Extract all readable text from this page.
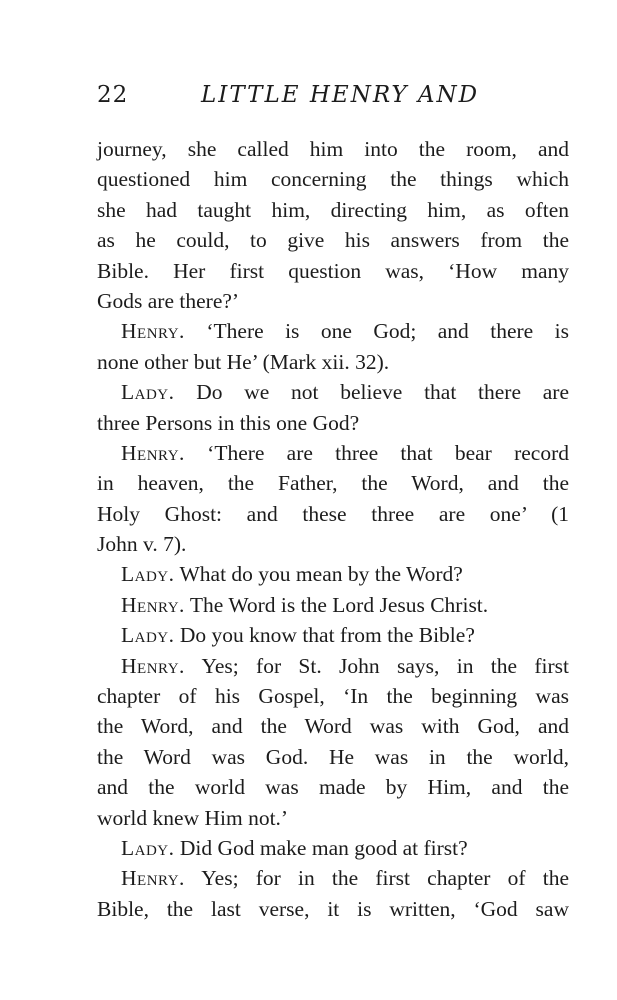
22	LITTLE HENRY AND
journey, she called him into the room, and
questioned him concerning the things which
she had taught him, directing him, as often
as he could, to give his answers from the
Bible. Her first question was, ‘How many
Gods are there?’
Henry. ‘There is one God; and there is
none other but He’ (Mark xii. 32).
Lady. Do we not believe that there are
three Persons in this one God?
Henry. ‘There are three that bear record
in heaven, the Father, the Word, and the
Holy Ghost: and these three are one’ (1
John v. 7).
Lady. What do you mean by the Word?
Henry. The Word is the Lord Jesus Christ.
Lady. Do you know that from the Bible?
Henry. Yes; for St. John says, in the first
chapter of his Gospel, ‘In the beginning was
the Word, and the Word was with God, and
the Word was God. He was in the world,
and the world was made by Him, and the
world knew Him not.’
Lady. Did God make man good at first?
Henry. Yes; for in the first chapter of the
Bible, the last verse, it is written, ‘God saw
